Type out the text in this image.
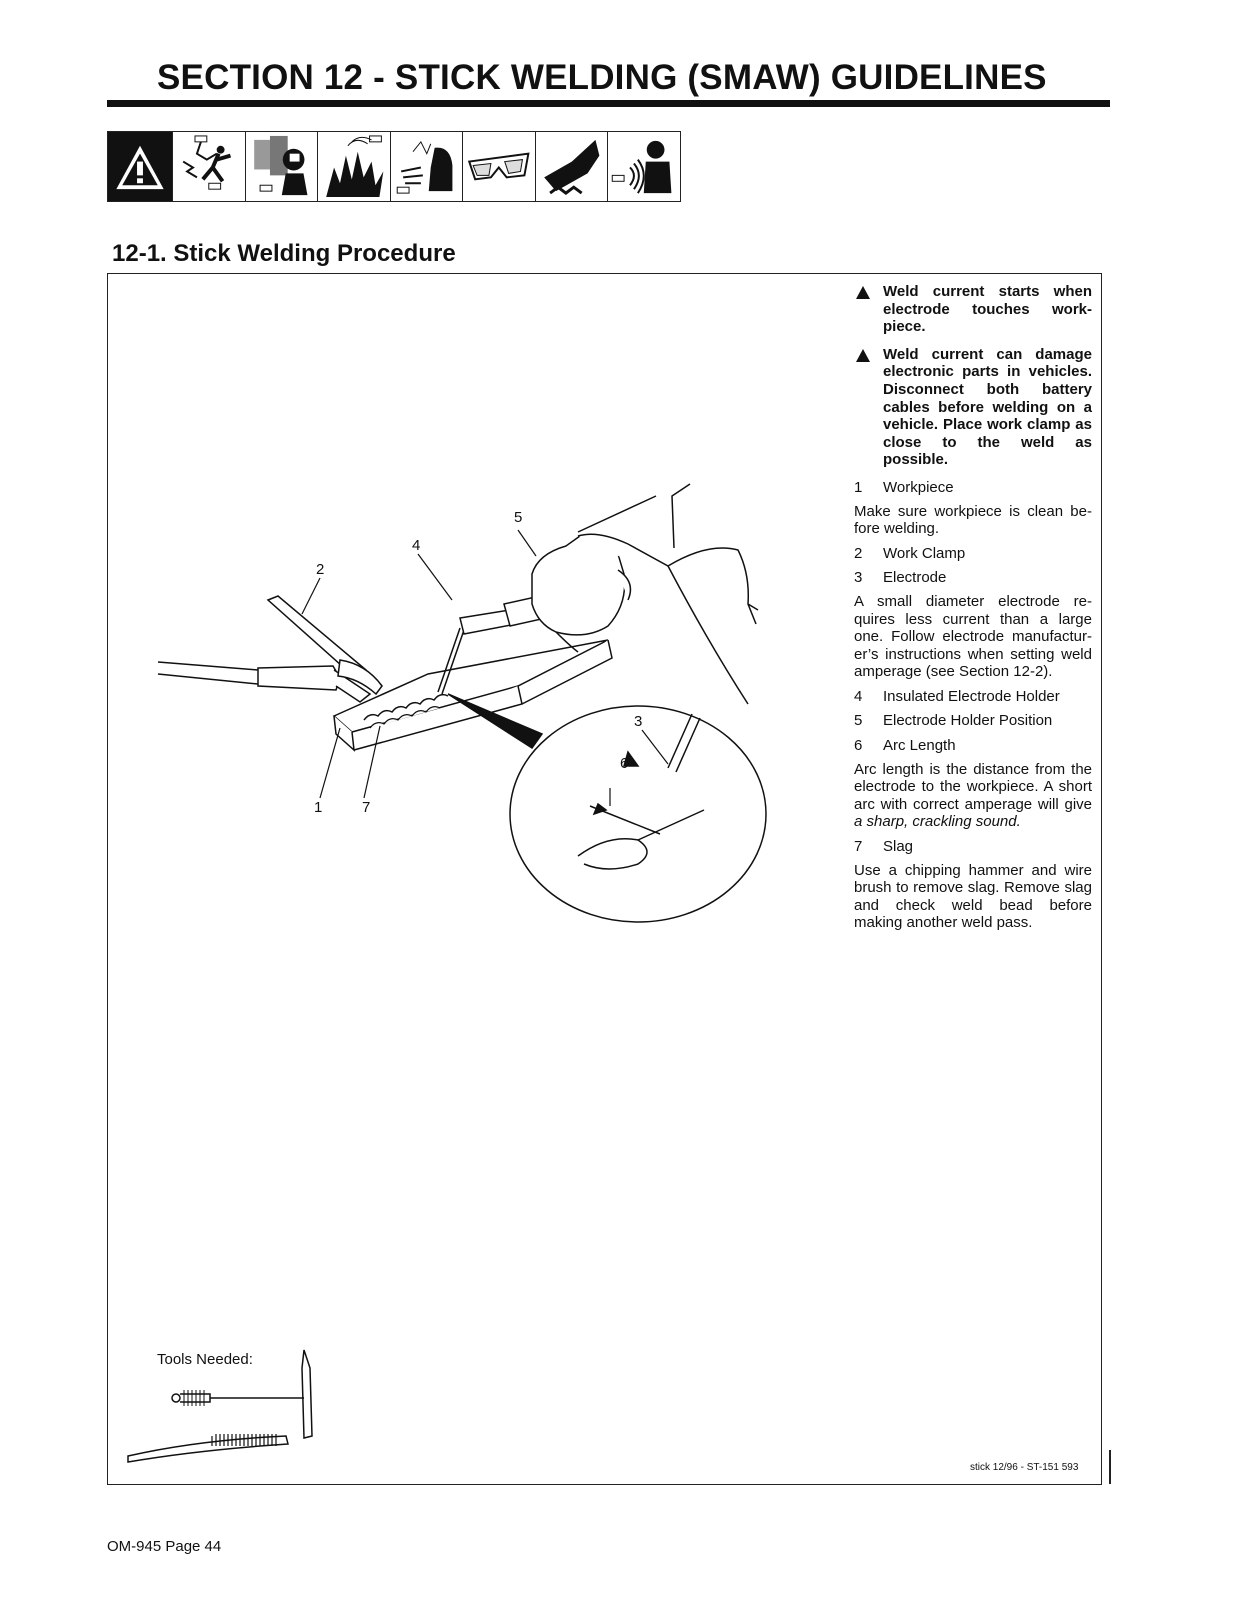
SECTION 12 - STICK WELDING (SMAW) GUIDELINES
12-1. Stick Welding Procedure
2
4
5
3
6
1	7
Weld current starts when electrode touches work-piece.
Weld current can damage electronic parts in vehicles. Disconnect both battery cables before welding on a vehicle. Place work clamp as close to the weld as possible.
1	Workpiece
Make sure workpiece is clean be-fore welding.
2	Work Clamp
3	Electrode
A small diameter electrode re-quires less current than a large one. Follow electrode manufactur-er’s instructions when setting weld amperage (see Section 12-2).
4	Insulated Electrode Holder
5	Electrode Holder Position
6	Arc Length
Arc length is the distance from the electrode to the workpiece. A short arc with correct amperage will give a sharp, crackling sound.
7	Slag
Use a chipping hammer and wire brush to remove slag. Remove slag and check weld bead before making another weld pass.
Tools Needed:
stick 12/96 - ST-151 593
OM-945 Page 44
